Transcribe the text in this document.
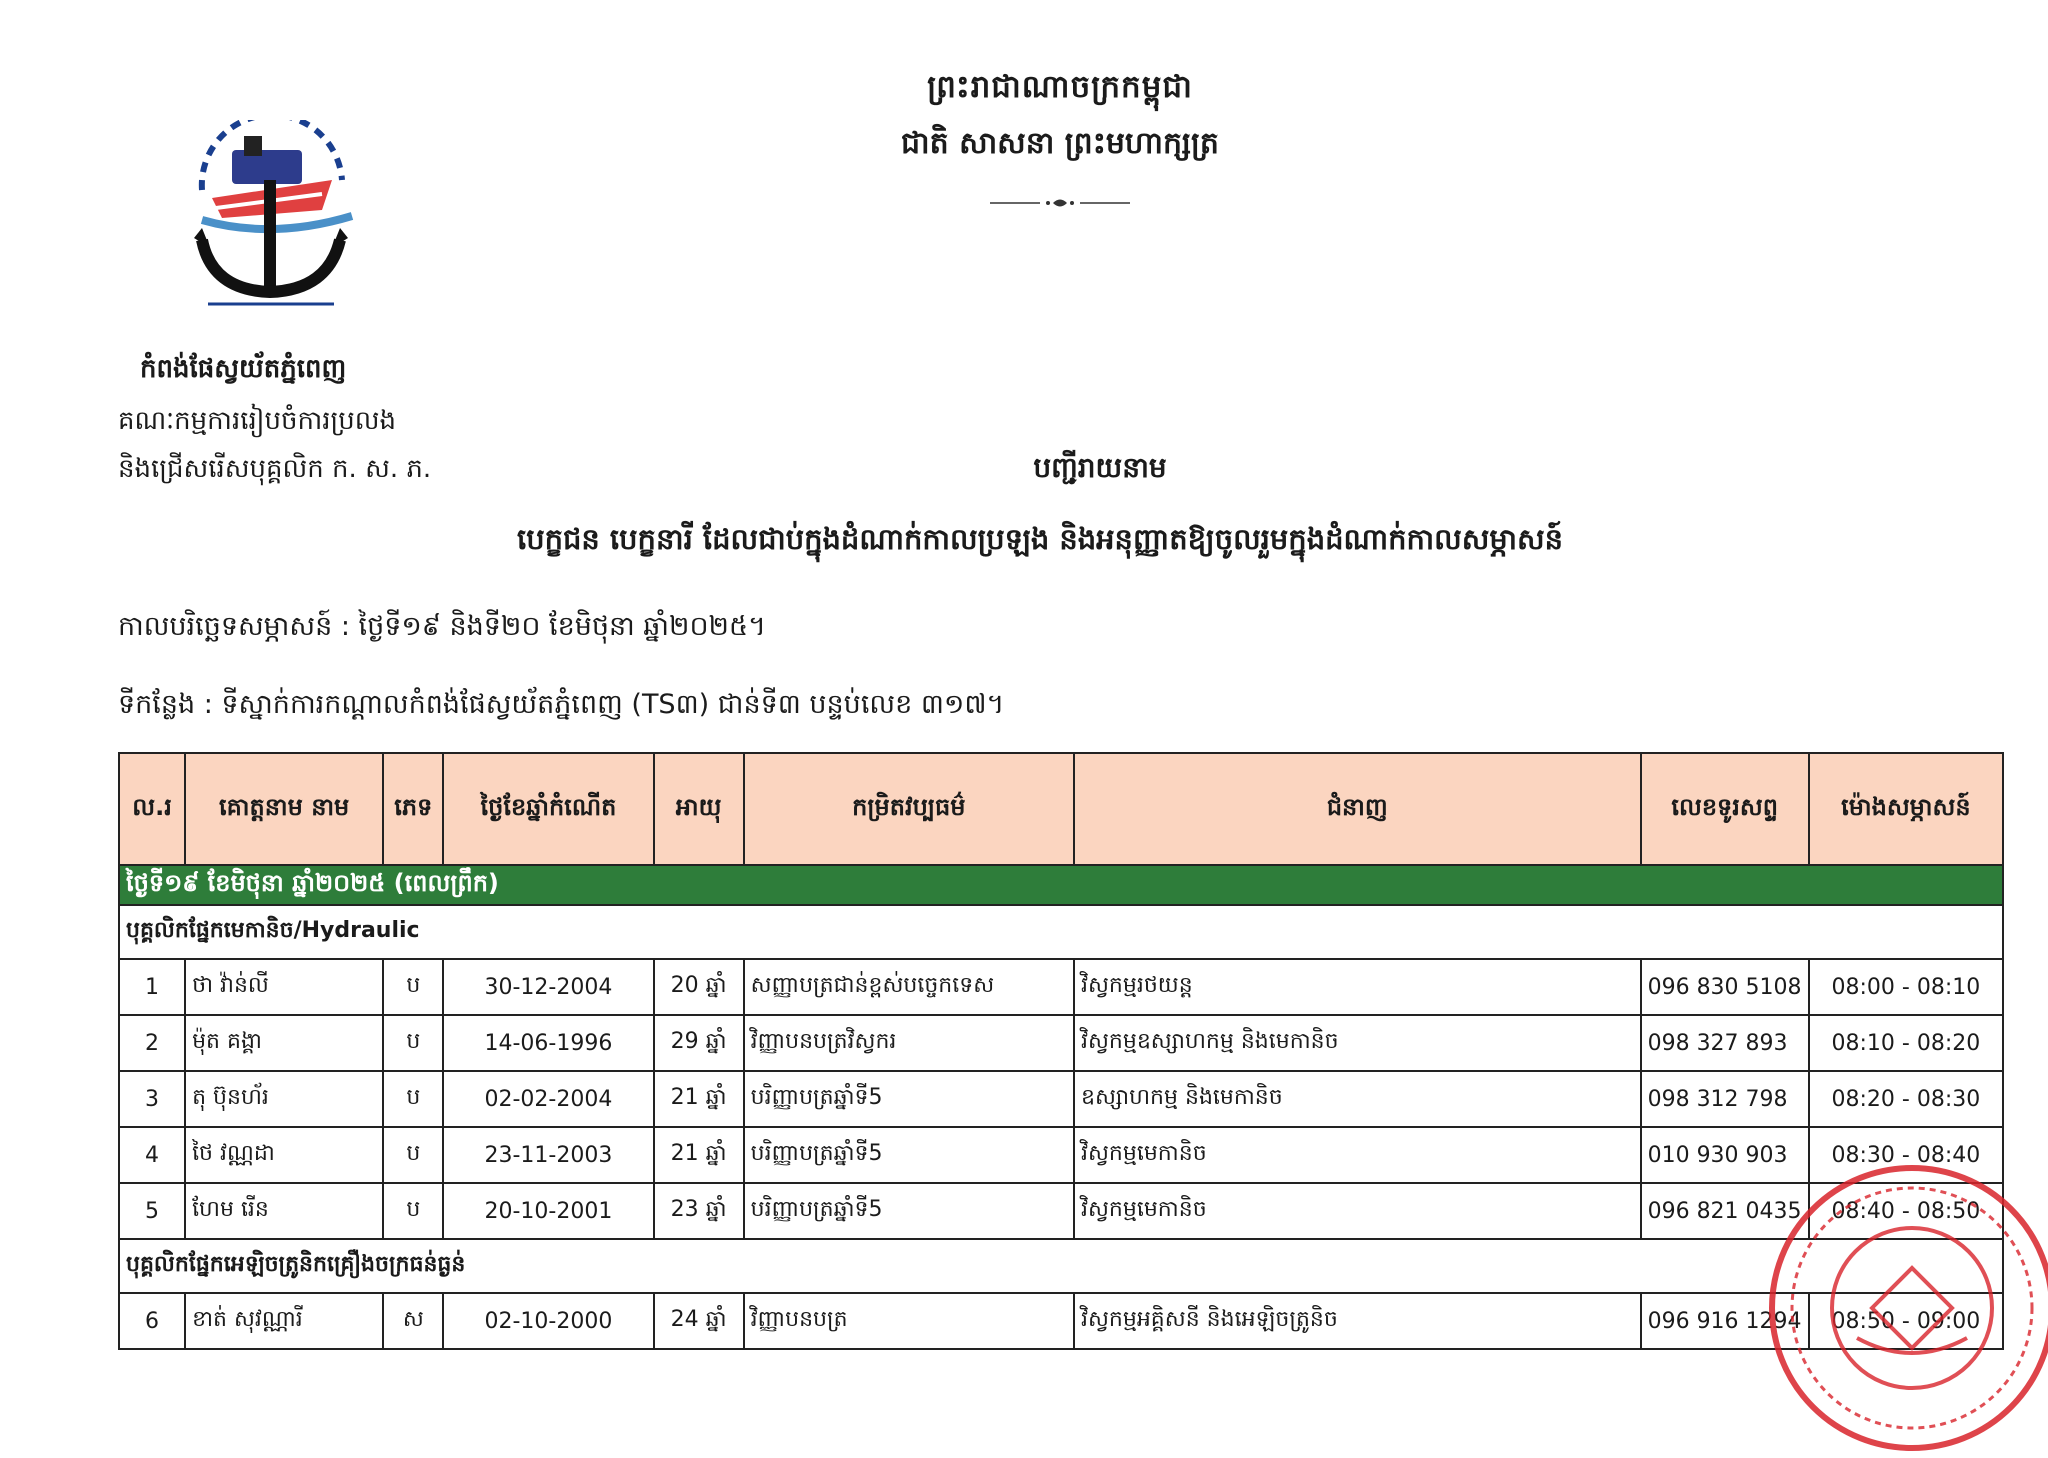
ព្រះរាជាណាចក្រកម្ពុជា
ជាតិ សាសនា ព្រះមហាក្សត្រ
កំពង់ផែស្វយ័តភ្នំពេញ
គណៈកម្មការរៀបចំការប្រលង
និងជ្រើសរើសបុគ្គលិក ក. ស. ភ.	បញ្ជីរាយនាម
បេក្ខជន បេក្ខនារី ដែលជាប់ក្នុងដំណាក់កាលប្រឡង និងអនុញ្ញាតឱ្យចូលរួមក្នុងដំណាក់កាលសម្ភាសន៍
កាលបរិច្ឆេទសម្ភាសន៍ : ថ្ងៃទី១៩ និងទី២០ ខែមិថុនា ឆ្នាំ២០២៥។
ទីកន្លែង : ទីស្នាក់ការកណ្តាលកំពង់ផែស្វយ័តភ្នំពេញ (TS៣) ជាន់ទី៣ បន្ទប់លេខ ៣១៧។
ល.រ	គោត្តនាម នាម	ភេទ	ថ្ងៃខែឆ្នាំកំណើត	អាយុ	កម្រិតវប្បធម៌	ជំនាញ	លេខទូរសព្ទ	ម៉ោងសម្ភាសន៍
ថ្ងៃទី១៩ ខែមិថុនា ឆ្នាំ២០២៥ (ពេលព្រឹក)								
បុគ្គលិកផ្នែកមេកានិច/Hydraulic								
1	ថា វ៉ាន់លី	ប	30-12-2004	20 ឆ្នាំ	សញ្ញាបត្រជាន់ខ្ពស់បច្ចេកទេស	វិស្វកម្មរថយន្ត	096 830 5108	08:00 - 08:10
2	ម៉ុត គង្គា	ប	14-06-1996	29 ឆ្នាំ	វិញ្ញាបនបត្រវិស្វករ	វិស្វកម្មឧស្សាហកម្ម និងមេកានិច	098 327 893	08:10 - 08:20
3	តុ ប៊ុនហ័រ	ប	02-02-2004	21 ឆ្នាំ	បរិញ្ញាបត្រឆ្នាំទី5	ឧស្សាហកម្ម និងមេកានិច	098 312 798	08:20 - 08:30
4	ថៃ វណ្ណដា	ប	23-11-2003	21 ឆ្នាំ	បរិញ្ញាបត្រឆ្នាំទី5	វិស្វកម្មមេកានិច	010 930 903	08:30 - 08:40
5	ហែម រើន	ប	20-10-2001	23 ឆ្នាំ	បរិញ្ញាបត្រឆ្នាំទី5	វិស្វកម្មមេកានិច	096 821 0435	08:40 - 08:50
បុគ្គលិកផ្នែកអេឡិចត្រូនិកគ្រឿងចក្រធន់ធ្ងន់								
6	ខាត់ សុវណ្ណារី	ស	02-10-2000	24 ឆ្នាំ	វិញ្ញាបនបត្រ	វិស្វកម្មអគ្គិសនី និងអេឡិចត្រូនិច	096 916 1294	08:50 - 09:00
